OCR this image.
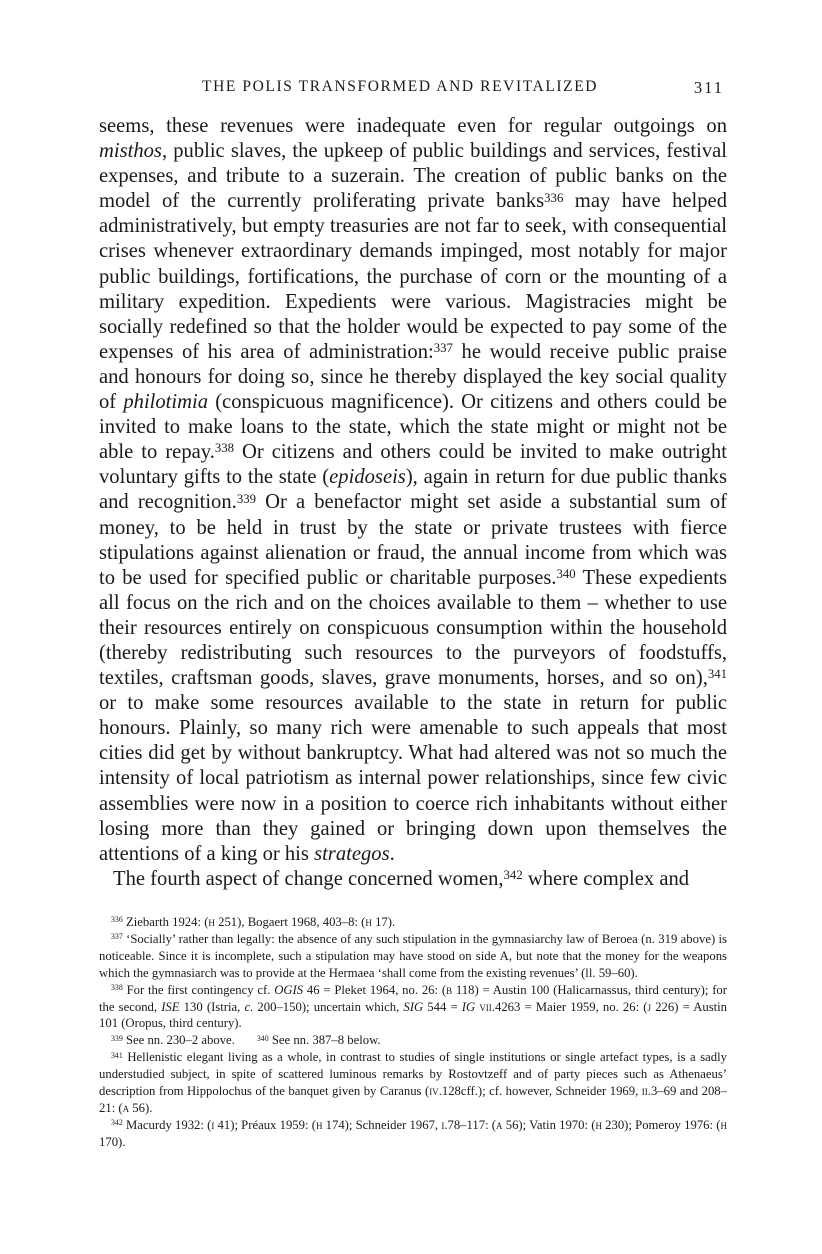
THE POLIS TRANSFORMED AND REVITALIZED	311

seems, these revenues were inadequate even for regular outgoings on misthos, public slaves, the upkeep of public buildings and services, festival expenses, and tribute to a suzerain. The creation of public banks on the model of the currently proliferating private banks$^{336}$ may have helped administratively, but empty treasuries are not far to seek, with consequential crises whenever extraordinary demands impinged, most notably for major public buildings, fortifications, the purchase of corn or the mounting of a military expedition. Expedients were various. Magistracies might be socially redefined so that the holder would be expected to pay some of the expenses of his area of administration:$^{337}$ he would receive public praise and honours for doing so, since he thereby displayed the key social quality of philotimia (conspicuous magnificence). Or citizens and others could be invited to make loans to the state, which the state might or might not be able to repay.$^{338}$ Or citizens and others could be invited to make outright voluntary gifts to the state (epidoseis), again in return for due public thanks and recognition.$^{339}$ Or a benefactor might set aside a substantial sum of money, to be held in trust by the state or private trustees with fierce stipulations against alienation or fraud, the annual income from which was to be used for specified public or charitable purposes.$^{340}$ These expedients all focus on the rich and on the choices available to them – whether to use their resources entirely on conspicuous consumption within the household (thereby redistributing such resources to the purveyors of foodstuffs, textiles, craftsman goods, slaves, grave monuments, horses, and so on),$^{341}$ or to make some resources available to the state in return for public honours. Plainly, so many rich were amenable to such appeals that most cities did get by without bankruptcy. What had altered was not so much the intensity of local patriotism as internal power relationships, since few civic assemblies were now in a position to coerce rich inhabitants without either losing more than they gained or bringing down upon themselves the attentions of a king or his strategos.

The fourth aspect of change concerned women,$^{342}$ where complex and

$^{336}$ Ziebarth 1924: (h 251), Bogaert 1968, 403–8: (h 17).

$^{337}$ ‘Socially’ rather than legally: the absence of any such stipulation in the gymnasiarchy law of Beroea (n. 319 above) is noticeable. Since it is incomplete, such a stipulation may have stood on side A, but note that the money for the weapons which the gymnasiarch was to provide at the Hermaea ‘shall come from the existing revenues’ (ll. 59–60).

$^{338}$ For the first contingency cf. OGIS 46 = Pleket 1964, no. 26: (b 118) = Austin 100 (Halicarnassus, third century); for the second, ISE 130 (Istria, c. 200–150); uncertain which, SIG 544 = IG vii.4263 = Maier 1959, no. 26: (j 226) = Austin 101 (Oropus, third century).

$^{339}$ See nn. 230–2 above.	$^{340}$ See nn. 387–8 below.

$^{341}$ Hellenistic elegant living as a whole, in contrast to studies of single institutions or single artefact types, is a sadly understudied subject, in spite of scattered luminous remarks by Rostovtzeff and of party pieces such as Athenaeus’ description from Hippolochus of the banquet given by Caranus (iv.128cff.); cf. however, Schneider 1969, ii.3–69 and 208–21: (a 56).

$^{342}$ Macurdy 1932: (i 41); Préaux 1959: (h 174); Schneider 1967, i.78–117: (a 56); Vatin 1970: (h 230); Pomeroy 1976: (h 170).
